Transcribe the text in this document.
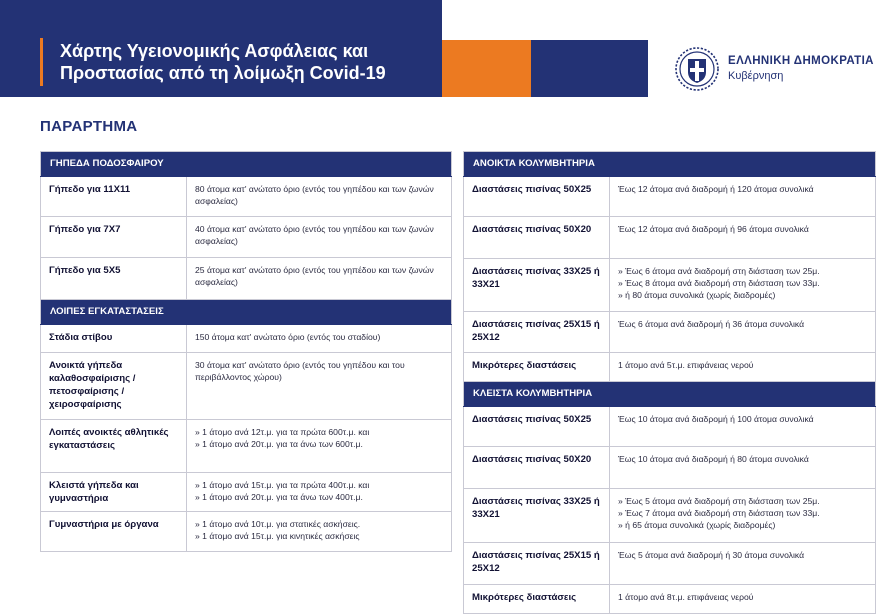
Χάρτης Υγειονομικής Ασφάλειας και
Προστασίας από τη λοίμωξη Covid-19
ΕΛΛΗΝΙΚΗ ΔΗΜΟΚΡΑΤΙΑ
Κυβέρνηση
ΠΑΡΑΡΤΗΜΑ
ΓΗΠΕΔΑ ΠΟΔΟΣΦΑΙΡΟΥ	
Γήπεδο για 11Χ11	80 άτομα κατ' ανώτατο όριο (εντός του γηπέδου και των ζωνών ασφαλείας)
Γήπεδο για 7Χ7	40 άτομα κατ' ανώτατο όριο (εντός του γηπέδου και των ζωνών ασφαλείας)
Γήπεδο για 5Χ5	25 άτομα κατ' ανώτατο όριο (εντός του γηπέδου και των ζωνών ασφαλείας)
ΛΟΙΠΕΣ ΕΓΚΑΤΑΣΤΑΣΕΙΣ	
Στάδια στίβου	150 άτομα κατ' ανώτατο όριο (εντός του σταδίου)
Ανοικτά γήπεδα καλαθοσφαίρισης / πετοσφαίρισης / χειροσφαίρισης	30 άτομα κατ' ανώτατο όριο (εντός του γηπέδου και του περιβάλλοντος χώρου)
Λοιπές ανοικτές αθλητικές εγκαταστάσεις	» 1 άτομο ανά 12τ.μ. για τα πρώτα 600τ.μ. και
» 1 άτομο ανά 20τ.μ. για τα άνω των 600τ.μ.

Κλειστά γήπεδα και γυμναστήρια	» 1 άτομο ανά 15τ.μ. για τα πρώτα 400τ.μ. και
» 1 άτομο ανά 20τ.μ. για τα άνω των 400τ.μ.

Γυμναστήρια με όργανα	» 1 άτομο ανά 10τ.μ. για στατικές ασκήσεις.
» 1 άτομο ανά 15τ.μ. για κινητικές ασκήσεις
ΑΝΟΙΚΤΑ ΚΟΛΥΜΒΗΤΗΡΙΑ	
Διαστάσεις πισίνας 50Χ25	Έως 12 άτομα ανά διαδρομή ή 120 άτομα συνολικά
Διαστάσεις πισίνας 50Χ20	Έως 12 άτομα ανά διαδρομή ή 96 άτομα συνολικά
Διαστάσεις πισίνας 33Χ25 ή 33Χ21	» Έως 6 άτομα ανά διαδρομή στη διάσταση των 25μ.
» Έως 8 άτομα ανά διαδρομή στη διάσταση των 33μ.
» ή 80 άτομα συνολικά (χωρίς διαδρομές)

Διαστάσεις πισίνας 25Χ15 ή 25Χ12	Έως 6 άτομα ανά διαδρομή ή 36 άτομα συνολικά
Μικρότερες διαστάσεις	1 άτομο ανά 5τ.μ. επιφάνειας νερού
ΚΛΕΙΣΤΑ ΚΟΛΥΜΒΗΤΗΡΙΑ	
Διαστάσεις πισίνας 50Χ25	Έως 10 άτομα ανά διαδρομή ή 100 άτομα συνολικά
Διαστάσεις πισίνας 50Χ20	Έως 10 άτομα ανά διαδρομή ή 80 άτομα συνολικά
Διαστάσεις πισίνας 33Χ25 ή 33Χ21	» Έως 5 άτομα ανά διαδρομή στη διάσταση των 25μ.
» Έως 7 άτομα ανά διαδρομή στη διάσταση των 33μ.
» ή 65 άτομα συνολικά (χωρίς διαδρομές)

Διαστάσεις πισίνας 25Χ15 ή 25Χ12	Έως 5 άτομα ανά διαδρομή ή 30 άτομα συνολικά
Μικρότερες διαστάσεις	1 άτομο ανά 8τ.μ. επιφάνειας νερού
